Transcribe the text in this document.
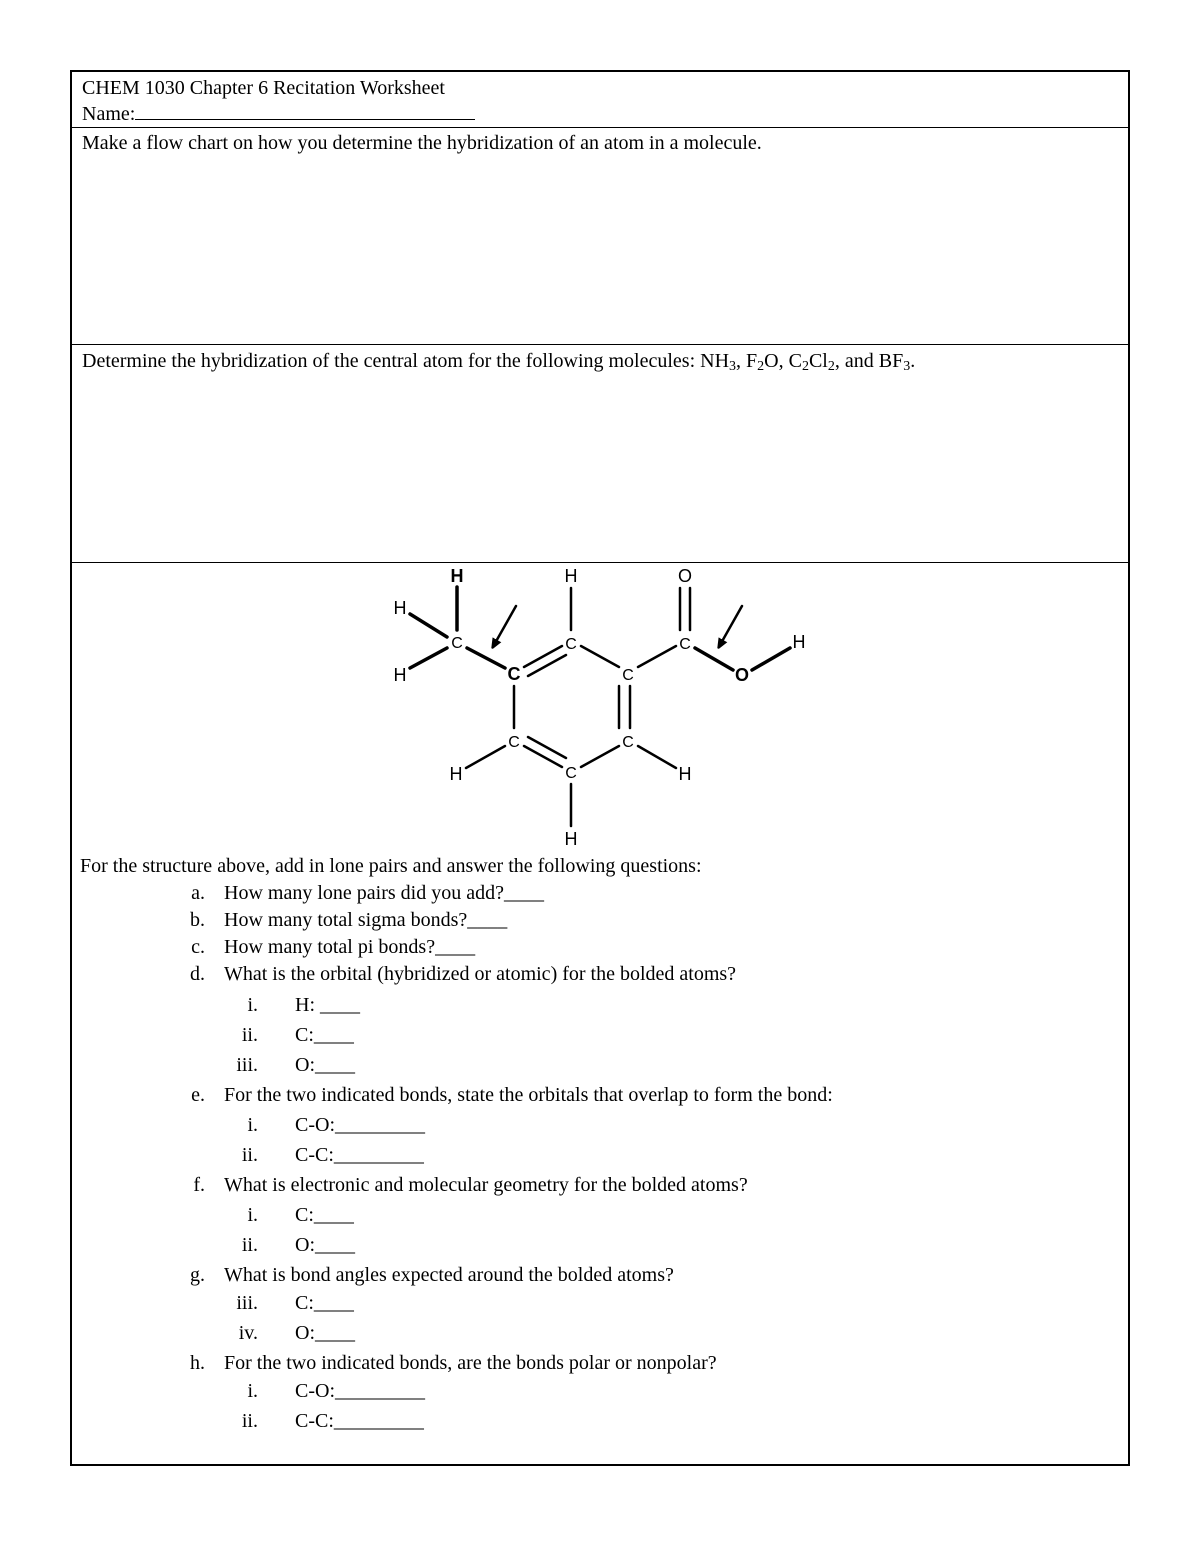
CHEM 1030 Chapter 6 Recitation Worksheet
Name:
Make a flow chart on how you determine the hybridization of an atom in a molecule.
Determine the hybridization of the central atom for the following molecules: $NH_3$, $F_2O$, $C_2Cl_2$, and $BF_3$.
H	H	O
H
H
C
C
C
C
C
O
H
C
C
C
H	H
H
For the structure above, add in lone pairs and answer the following questions:
a. How many lone pairs did you add?____
b. How many total sigma bonds?____
c. How many total pi bonds?____
d. What is the orbital (hybridized or atomic) for the bolded atoms?
i. H: ____
ii. C:____
iii. O:____
e. For the two indicated bonds, state the orbitals that overlap to form the bond:
i. C-O:_________
ii. C-C:_________
f. What is electronic and molecular geometry for the bolded atoms?
i. C:____
ii. O:____
g. What is bond angles expected around the bolded atoms?
iii. C:____
iv. O:____
h. For the two indicated bonds, are the bonds polar or nonpolar?
i. C-O:_________
ii. C-C:_________
